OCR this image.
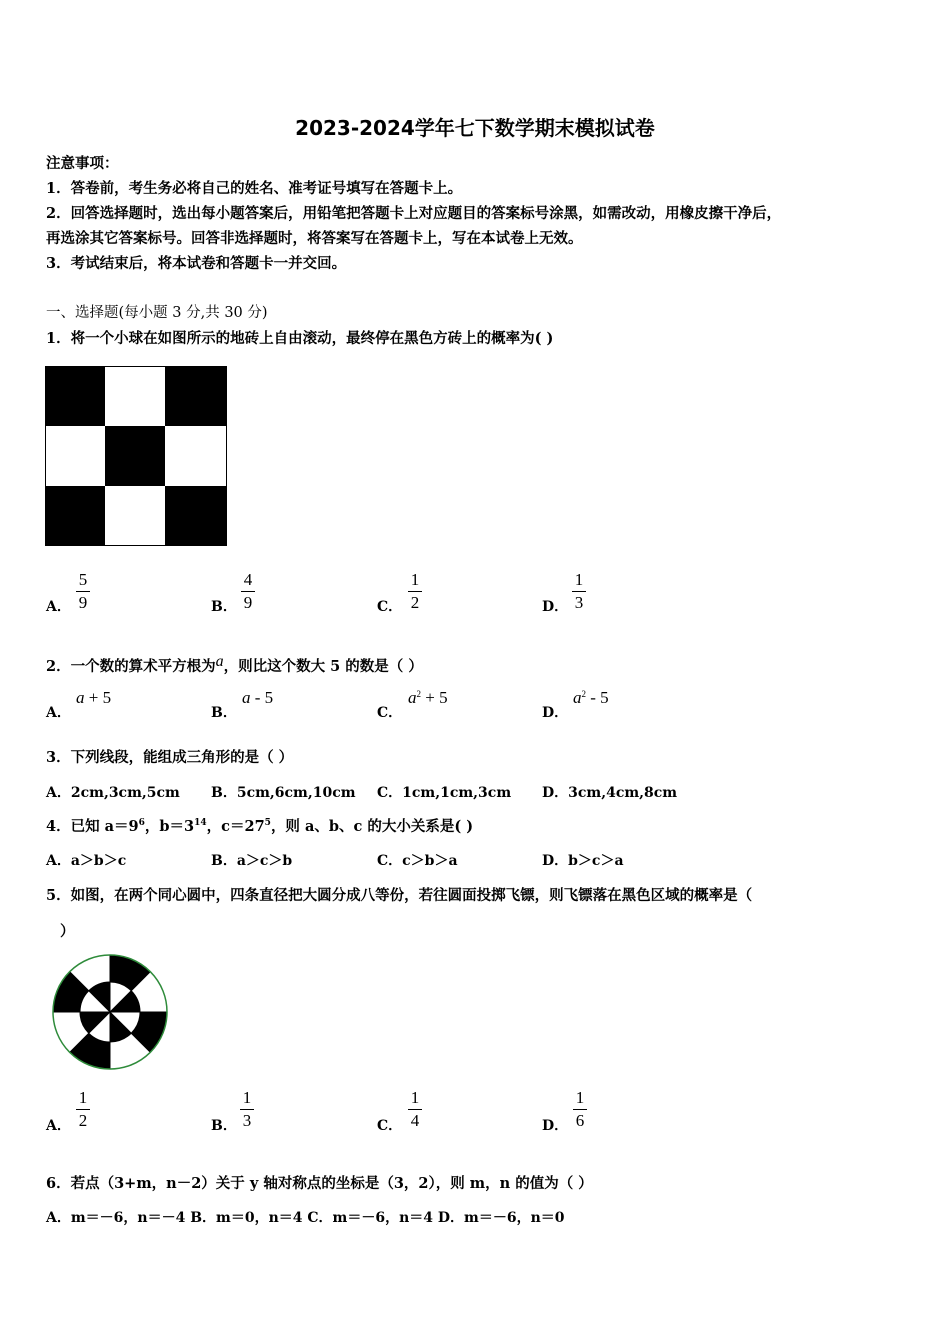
2023-2024学年七下数学期末模拟试卷
注意事项：
1．答卷前，考生务必将自己的姓名、准考证号填写在答题卡上。
2．回答选择题时，选出每小题答案后，用铅笔把答题卡上对应题目的答案标号涂黑，如需改动，用橡皮擦干净后，
再选涂其它答案标号。回答非选择题时，将答案写在答题卡上，写在本试卷上无效。
3．考试结束后，将本试卷和答题卡一并交回。
一、选择题(每小题 3 分,共 30 分)
1．将一个小球在如图所示的地砖上自由滚动，最终停在黑色方砖上的概率为( )
A．
5
9	B．
4
9	C．
1
2	D．
1
3
2．一个数的算术平方根为a，则比这个数大 5 的数是（ ）
A．
a + 5
B．
a - 5
C．
$a^2 + 5$
D．
$a^2 - 5$
3．下列线段，能组成三角形的是（ ）
A．2cm,3cm,5cm B．5cm,6cm,10cm C．1cm,1cm,3cm D．3cm,4cm,8cm
4．已知 $a=9^6$，$b=3^{14}$，$c=27^5$，则 a、b、c 的大小关系是( )
A．a＞b＞c	B．a＞c＞b	C．c＞b＞a	D．b＞c＞a
5．如图，在两个同心圆中，四条直径把大圆分成八等份，若往圆面投掷飞镖，则飞镖落在黑色区域的概率是（
）
A．
1
2	B．
1
3	C．
1
4	D．
1
6
6．若点（3+m，n－2）关于 y 轴对称点的坐标是（3，2），则 m，n 的值为（ ）
A．m＝－6，n＝－4 B．m＝0，n＝4 C．m＝－6，n＝4 D．m＝－6，n＝0
